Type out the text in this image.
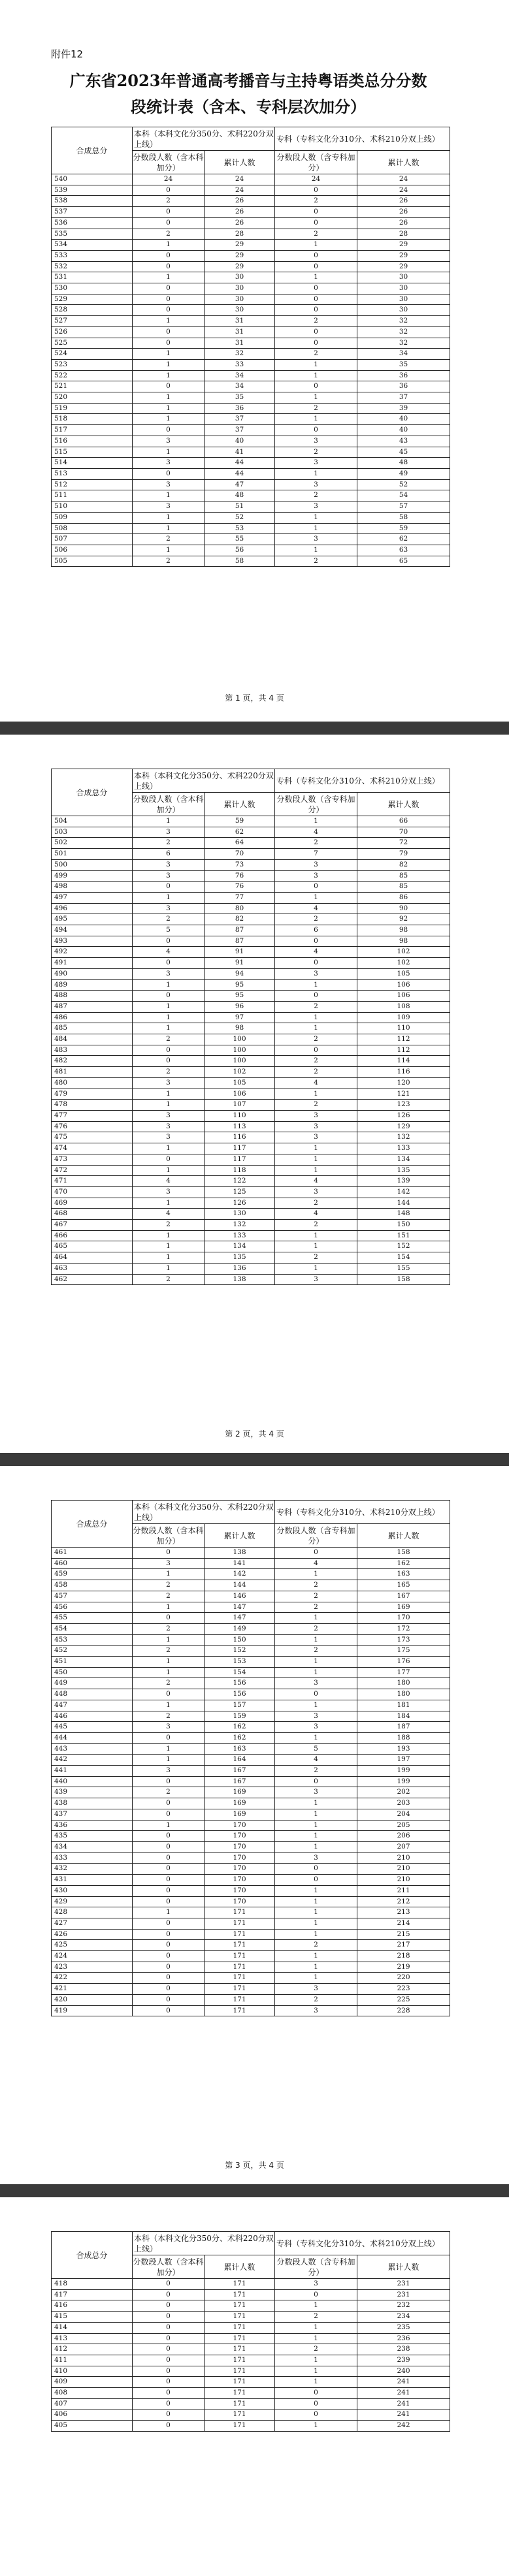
附件12
广东省2023年普通高考播音与主持粤语类总分分数
段统计表（含本、专科层次加分）
合成总分	本科（本科文化分350分、术科220分双上线）		专科（专科文化分310分、术科210分双上线）	
	分数段人数（含本科加分）	累计人数	分数段人数（含专科加分）	累计人数
540	24	24	24	24
539	0	24	0	24
538	2	26	2	26
537	0	26	0	26
536	0	26	0	26
535	2	28	2	28
534	1	29	1	29
533	0	29	0	29
532	0	29	0	29
531	1	30	1	30
530	0	30	0	30
529	0	30	0	30
528	0	30	0	30
527	1	31	2	32
526	0	31	0	32
525	0	31	0	32
524	1	32	2	34
523	1	33	1	35
522	1	34	1	36
521	0	34	0	36
520	1	35	1	37
519	1	36	2	39
518	1	37	1	40
517	0	37	0	40
516	3	40	3	43
515	1	41	2	45
514	3	44	3	48
513	0	44	1	49
512	3	47	3	52
511	1	48	2	54
510	3	51	3	57
509	1	52	1	58
508	1	53	1	59
507	2	55	3	62
506	1	56	1	63
505	2	58	2	65
第 1 页，共 4 页
合成总分	本科（本科文化分350分、术科220分双上线）		专科（专科文化分310分、术科210分双上线）	
	分数段人数（含本科加分）	累计人数	分数段人数（含专科加分）	累计人数
504	1	59	1	66
503	3	62	4	70
502	2	64	2	72
501	6	70	7	79
500	3	73	3	82
499	3	76	3	85
498	0	76	0	85
497	1	77	1	86
496	3	80	4	90
495	2	82	2	92
494	5	87	6	98
493	0	87	0	98
492	4	91	4	102
491	0	91	0	102
490	3	94	3	105
489	1	95	1	106
488	0	95	0	106
487	1	96	2	108
486	1	97	1	109
485	1	98	1	110
484	2	100	2	112
483	0	100	0	112
482	0	100	2	114
481	2	102	2	116
480	3	105	4	120
479	1	106	1	121
478	1	107	2	123
477	3	110	3	126
476	3	113	3	129
475	3	116	3	132
474	1	117	1	133
473	0	117	1	134
472	1	118	1	135
471	4	122	4	139
470	3	125	3	142
469	1	126	2	144
468	4	130	4	148
467	2	132	2	150
466	1	133	1	151
465	1	134	1	152
464	1	135	2	154
463	1	136	1	155
462	2	138	3	158
第 2 页，共 4 页
合成总分	本科（本科文化分350分、术科220分双上线）		专科（专科文化分310分、术科210分双上线）	
	分数段人数（含本科加分）	累计人数	分数段人数（含专科加分）	累计人数
461	0	138	0	158
460	3	141	4	162
459	1	142	1	163
458	2	144	2	165
457	2	146	2	167
456	1	147	2	169
455	0	147	1	170
454	2	149	2	172
453	1	150	1	173
452	2	152	2	175
451	1	153	1	176
450	1	154	1	177
449	2	156	3	180
448	0	156	0	180
447	1	157	1	181
446	2	159	3	184
445	3	162	3	187
444	0	162	1	188
443	1	163	5	193
442	1	164	4	197
441	3	167	2	199
440	0	167	0	199
439	2	169	3	202
438	0	169	1	203
437	0	169	1	204
436	1	170	1	205
435	0	170	1	206
434	0	170	1	207
433	0	170	3	210
432	0	170	0	210
431	0	170	0	210
430	0	170	1	211
429	0	170	1	212
428	1	171	1	213
427	0	171	1	214
426	0	171	1	215
425	0	171	2	217
424	0	171	1	218
423	0	171	1	219
422	0	171	1	220
421	0	171	3	223
420	0	171	2	225
419	0	171	3	228
第 3 页，共 4 页
合成总分	本科（本科文化分350分、术科220分双上线）		专科（专科文化分310分、术科210分双上线）	
	分数段人数（含本科加分）	累计人数	分数段人数（含专科加分）	累计人数
418	0	171	3	231
417	0	171	0	231
416	0	171	1	232
415	0	171	2	234
414	0	171	1	235
413	0	171	1	236
412	0	171	2	238
411	0	171	1	239
410	0	171	1	240
409	0	171	1	241
408	0	171	0	241
407	0	171	0	241
406	0	171	0	241
405	0	171	1	242
